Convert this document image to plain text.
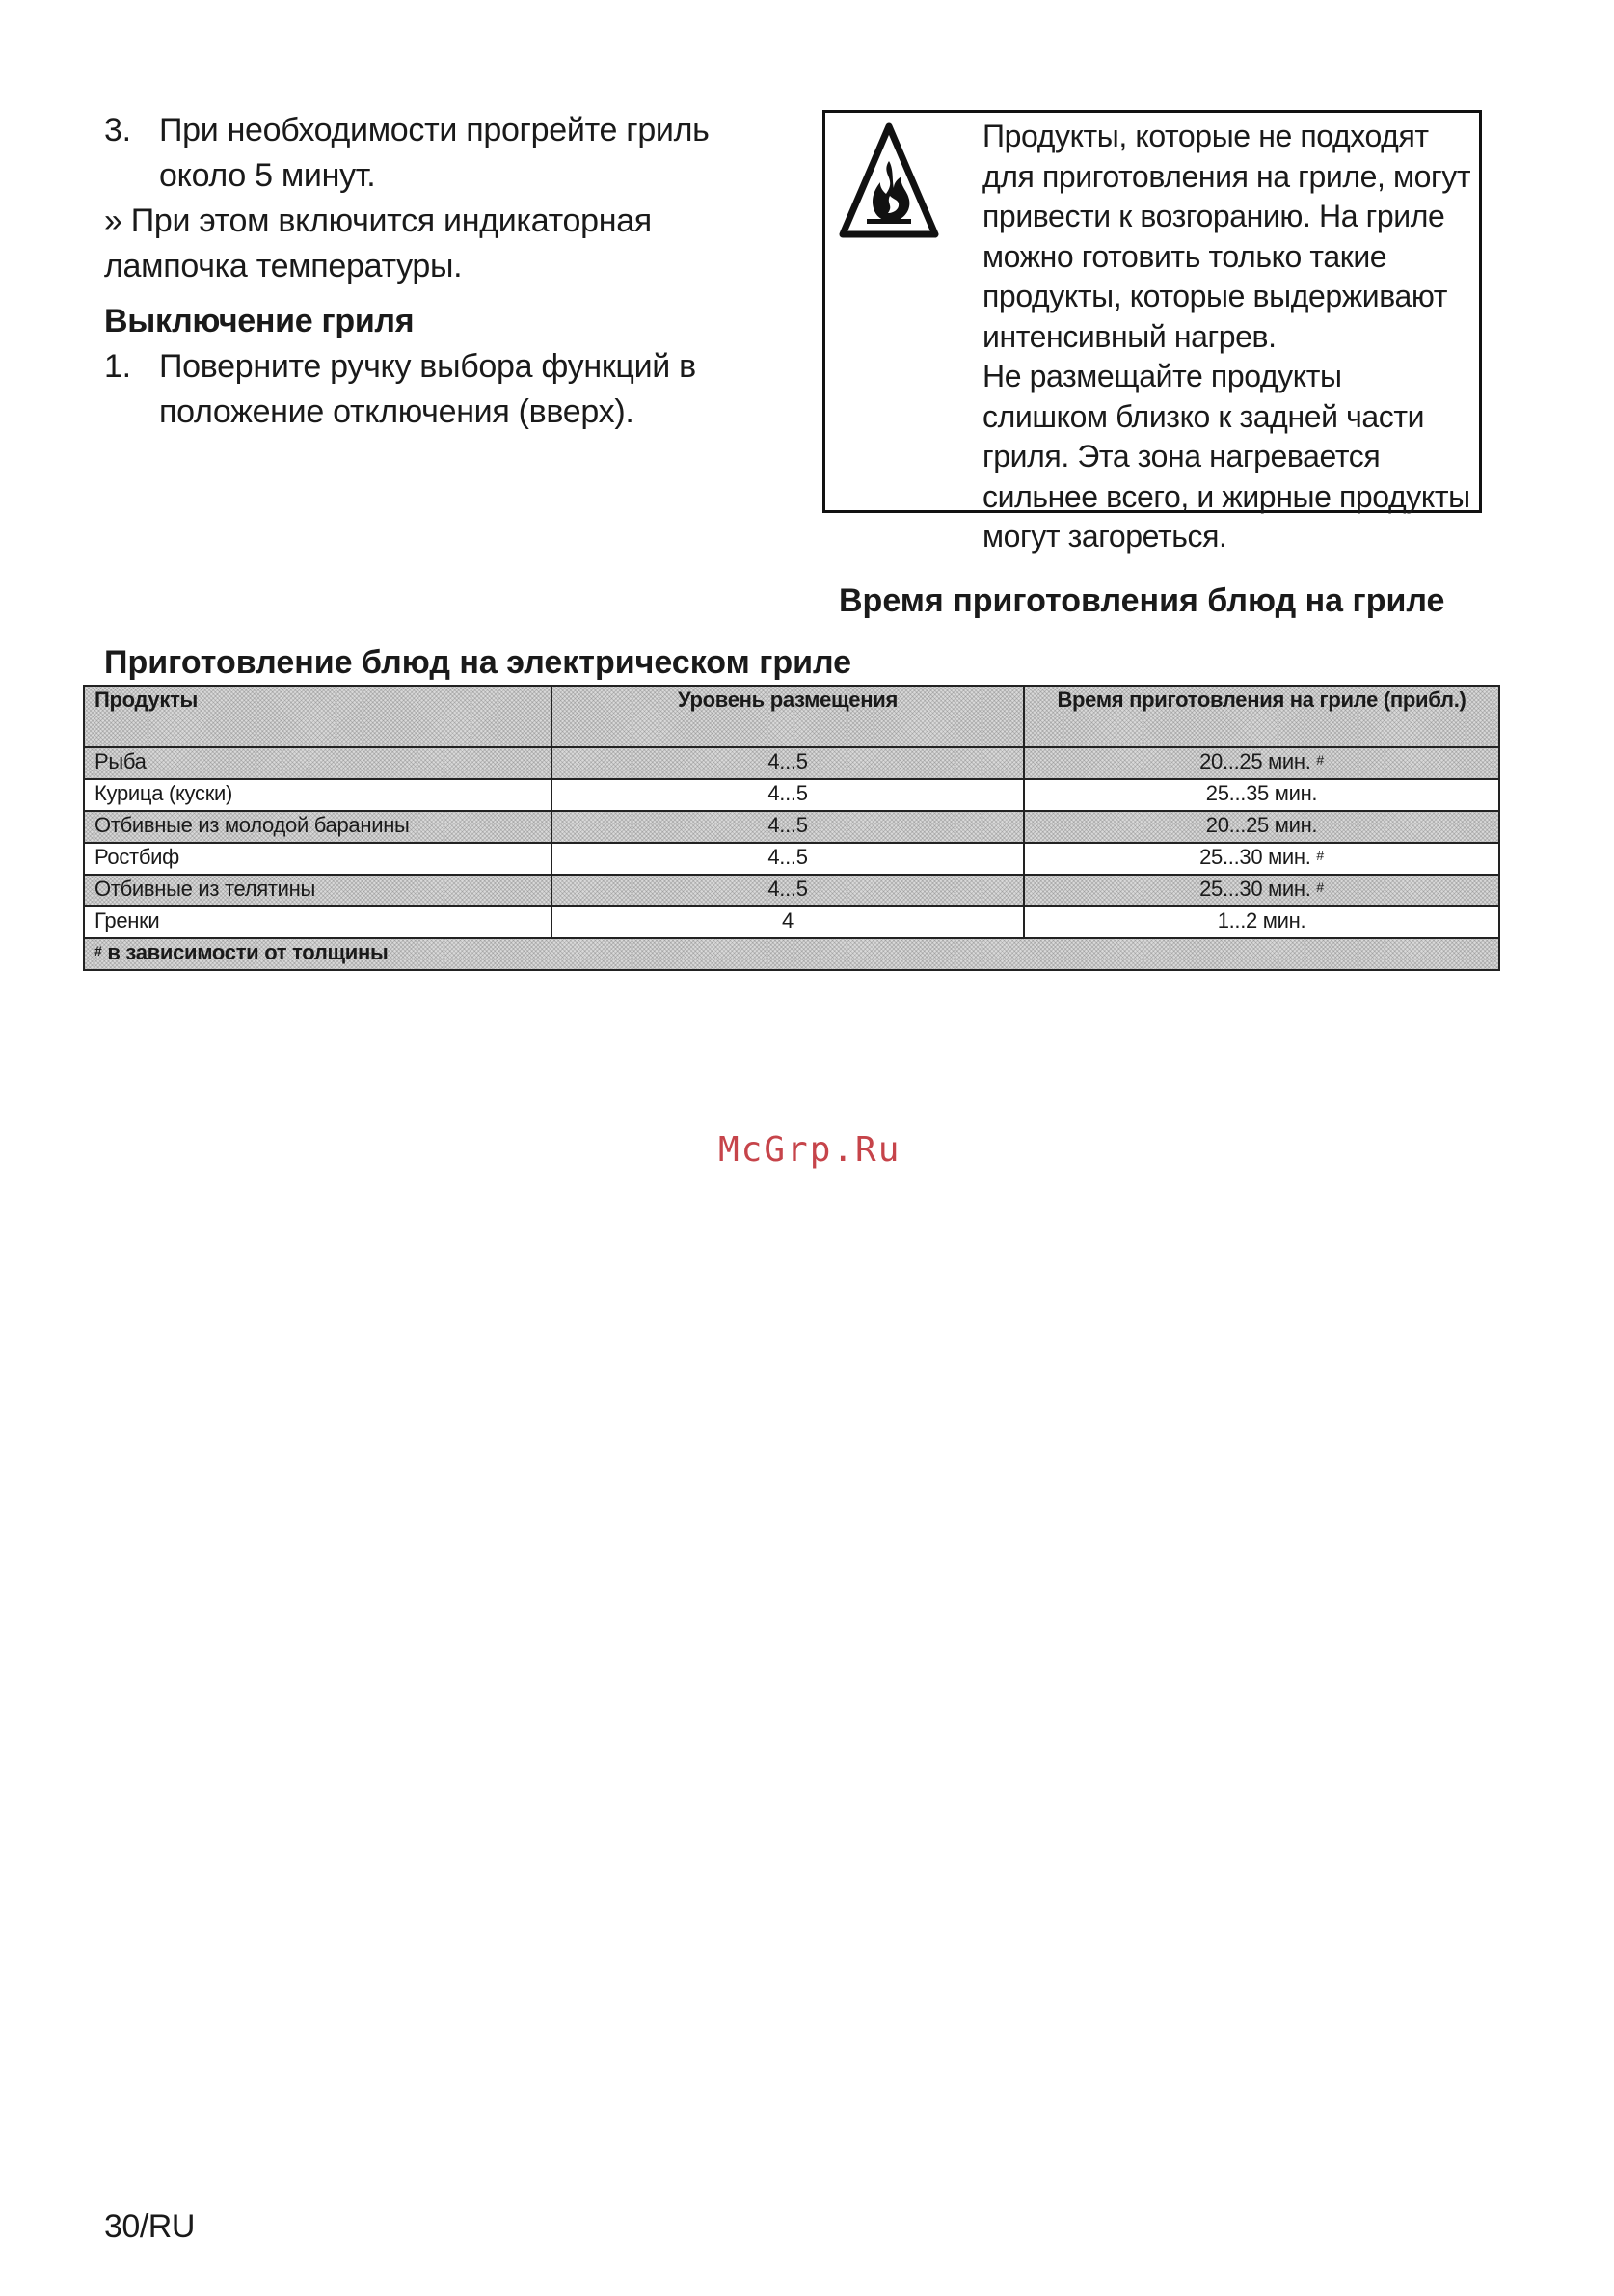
3. При необходимости прогрейте гриль около 5 минут.
» При этом включится индикаторная лампочка температуры.
Выключение гриля
1. Поверните ручку выбора функций в положение отключения (вверх).
Продукты, которые не подходят для приготовления на гриле, могут привести к возгоранию. На гриле можно готовить только такие продукты, которые выдерживают интенсивный нагрев.
Не размещайте продукты слишком близко к задней части гриля. Эта зона нагревается сильнее всего, и жирные продукты могут загореться.
Время приготовления блюд на гриле
Приготовление блюд на электрическом гриле
Продукты	Уровень размещения	Время приготовления на гриле (прибл.)
Рыба	4...5	20...25 мин. #
Курица (куски)	4...5	25...35 мин.
Отбивные из молодой баранины	4...5	20...25 мин.
Ростбиф	4...5	25...30 мин. #
Отбивные из телятины	4...5	25...30 мин. #
Гренки	4	1...2 мин.
# в зависимости от толщины		
McGrp.Ru
30/RU
